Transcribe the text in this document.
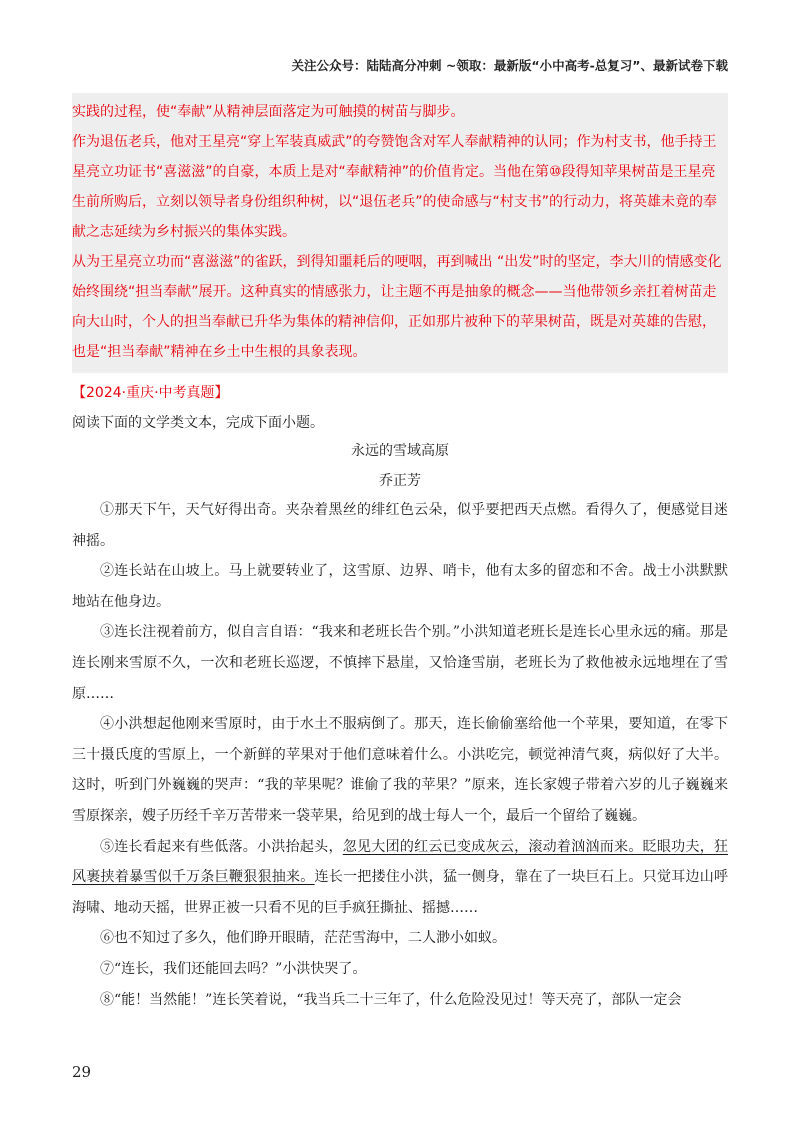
关注公众号：陆陆高分冲刺 ~领取：最新版“小中高考-总复习”、最新试卷下载

实践的过程，使“奉献”从精神层面落定为可触摸的树苗与脚步。

作为退伍老兵，他对王星亮“穿上军装真威武”的夸赞饱含对军人奉献精神的认同；作为村支书，他手持王星亮立功证书“喜滋滋”的自豪，本质上是对“奉献精神”的价值肯定。当他在第⑩段得知苹果树苗是王星亮生前所购后，立刻以领导者身份组织种树，以“退伍老兵”的使命感与“村支书”的行动力，将英雄未竟的奉献之志延续为乡村振兴的集体实践。

从为王星亮立功而“喜滋滋”的雀跃，到得知噩耗后的哽咽，再到喊出 “出发”时的坚定，李大川的情感变化始终围绕“担当奉献”展开。这种真实的情感张力，让主题不再是抽象的概念——当他带领乡亲扛着树苗走向大山时，个人的担当奉献已升华为集体的精神信仰，正如那片被种下的苹果树苗，既是对英雄的告慰，也是“担当奉献”精神在乡土中生根的具象表现。

【2024·重庆·中考真题】
阅读下面的文学类文本，完成下面小题。
永远的雪域高原
乔正芳

①那天下午，天气好得出奇。夹杂着黑丝的绯红色云朵，似乎要把西天点燃。看得久了，便感觉目迷神摇。

②连长站在山坡上。马上就要转业了，这雪原、边界、哨卡，他有太多的留恋和不舍。战士小洪默默地站在他身边。

③连长注视着前方，似自言自语：“我来和老班长告个别。”小洪知道老班长是连长心里永远的痛。那是连长刚来雪原不久，一次和老班长巡逻，不慎摔下悬崖，又恰逢雪崩，老班长为了救他被永远地埋在了雪原……

④小洪想起他刚来雪原时，由于水土不服病倒了。那天，连长偷偷塞给他一个苹果，要知道，在零下三十摄氏度的雪原上，一个新鲜的苹果对于他们意味着什么。小洪吃完，顿觉神清气爽，病似好了大半。这时，听到门外巍巍的哭声：“我的苹果呢？谁偷了我的苹果？”原来，连长家嫂子带着六岁的儿子巍巍来雪原探亲，嫂子历经千辛万苦带来一袋苹果，给见到的战士每人一个，最后一个留给了巍巍。

⑤连长看起来有些低落。小洪抬起头，忽见大团的红云已变成灰云，滚动着汹汹而来。眨眼功夫，狂风裹挟着暴雪似千万条巨鞭狠狠抽来。连长一把搂住小洪，猛一侧身，靠在了一块巨石上。只觉耳边山呼海啸、地动天摇，世界正被一只看不见的巨手疯狂撕扯、摇撼……

⑥也不知过了多久，他们睁开眼睛，茫茫雪海中，二人渺小如蚁。

⑦“连长，我们还能回去吗？”小洪快哭了。

⑧“能！当然能！”连长笑着说，“我当兵二十三年了，什么危险没见过！等天亮了，部队一定会

29
